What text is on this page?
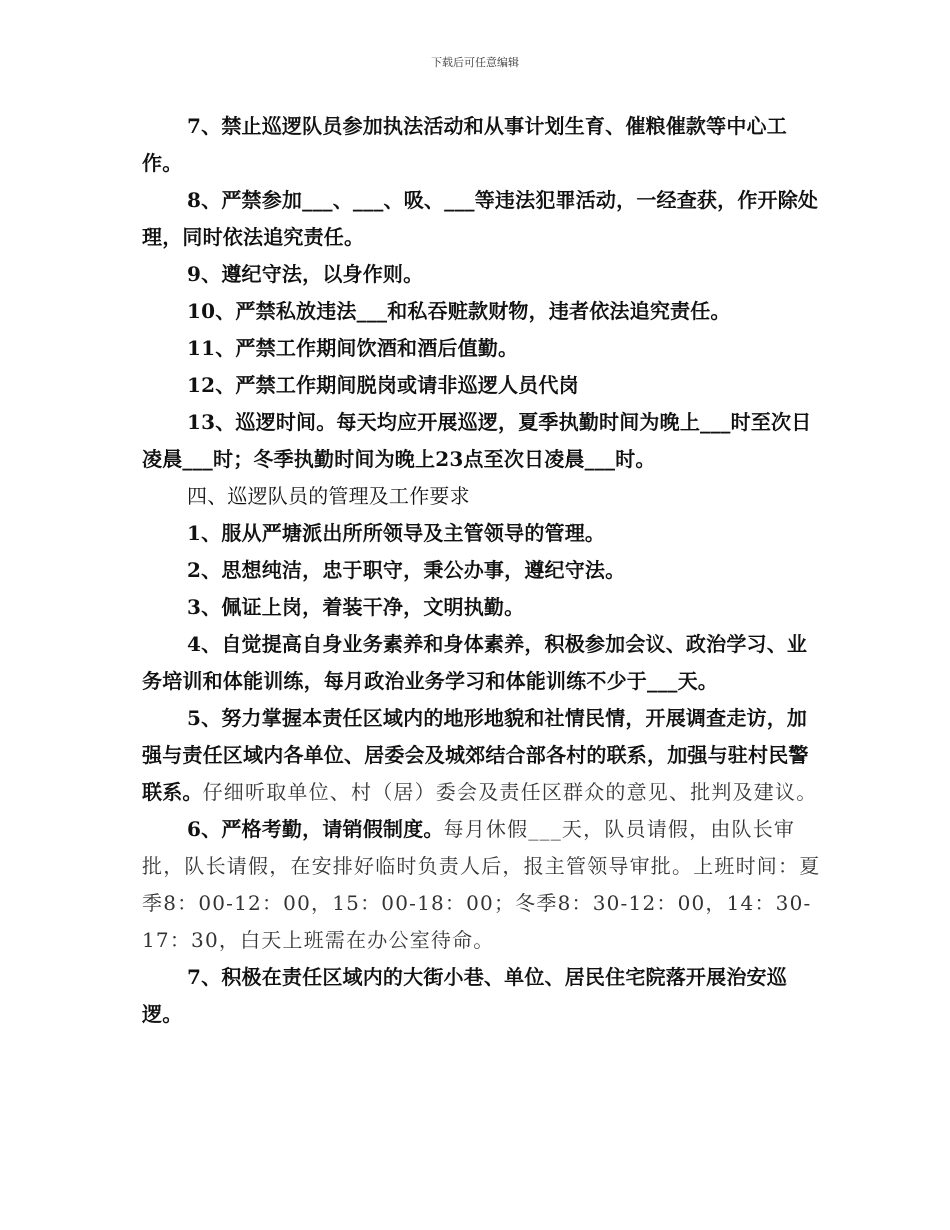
下载后可任意编辑

7、禁止巡逻队员参加执法活动和从事计划生育、催粮催款等中心工作。

8、严禁参加___、___、吸、___等违法犯罪活动，一经查获，作开除处理，同时依法追究责任。

9、遵纪守法，以身作则。

10、严禁私放违法___和私吞赃款财物，违者依法追究责任。

11、严禁工作期间饮酒和酒后值勤。

12、严禁工作期间脱岗或请非巡逻人员代岗

13、巡逻时间。每天均应开展巡逻，夏季执勤时间为晚上___时至次日凌晨___时；冬季执勤时间为晚上23点至次日凌晨___时。

四、巡逻队员的管理及工作要求

1、服从严塘派出所所领导及主管领导的管理。

2、思想纯洁，忠于职守，秉公办事，遵纪守法。

3、佩证上岗，着装干净，文明执勤。

4、自觉提高自身业务素养和身体素养，积极参加会议、政治学习、业务培训和体能训练，每月政治业务学习和体能训练不少于___天。

5、努力掌握本责任区域内的地形地貌和社情民情，开展调查走访，加强与责任区域内各单位、居委会及城郊结合部各村的联系，加强与驻村民警联系。仔细听取单位、村（居）委会及责任区群众的意见、批判及建议。

6、严格考勤，请销假制度。每月休假___天，队员请假，由队长审批，队长请假，在安排好临时负责人后，报主管领导审批。上班时间：夏季8：00-12：00，15：00-18：00；冬季8：30-12：00，14：30-17：30，白天上班需在办公室待命。

7、积极在责任区域内的大街小巷、单位、居民住宅院落开展治安巡逻。
